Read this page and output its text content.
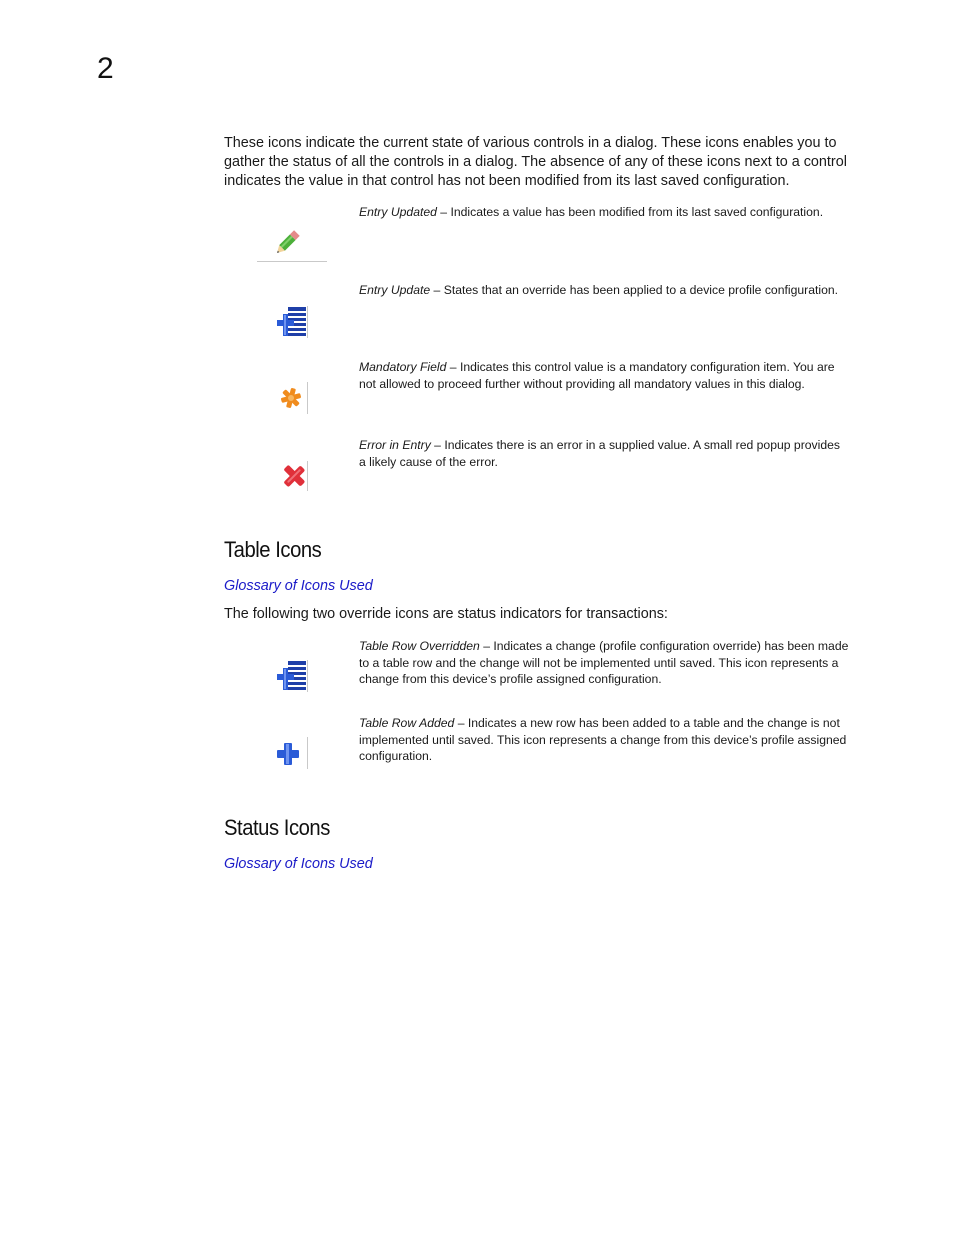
2

These icons indicate the current state of various controls in a dialog. These icons enables you to gather the status of all the controls in a dialog. The absence of any of these icons next to a control indicates the value in that control has not been modified from its last saved configuration.

Entry Updated – Indicates a value has been modified from its last saved configuration.

Entry Update – States that an override has been applied to a device profile configuration.

Mandatory Field – Indicates this control value is a mandatory configuration item. You are not allowed to proceed further without providing all mandatory values in this dialog.

Error in Entry – Indicates there is an error in a supplied value. A small red popup provides a likely cause of the error.

Table Icons
Glossary of Icons Used

The following two override icons are status indicators for transactions:

Table Row Overridden – Indicates a change (profile configuration override) has been made to a table row and the change will not be implemented until saved. This icon represents a change from this device’s profile assigned configuration.

Table Row Added – Indicates a new row has been added to a table and the change is not implemented until saved. This icon represents a change from this device’s profile assigned configuration.

Status Icons
Glossary of Icons Used
